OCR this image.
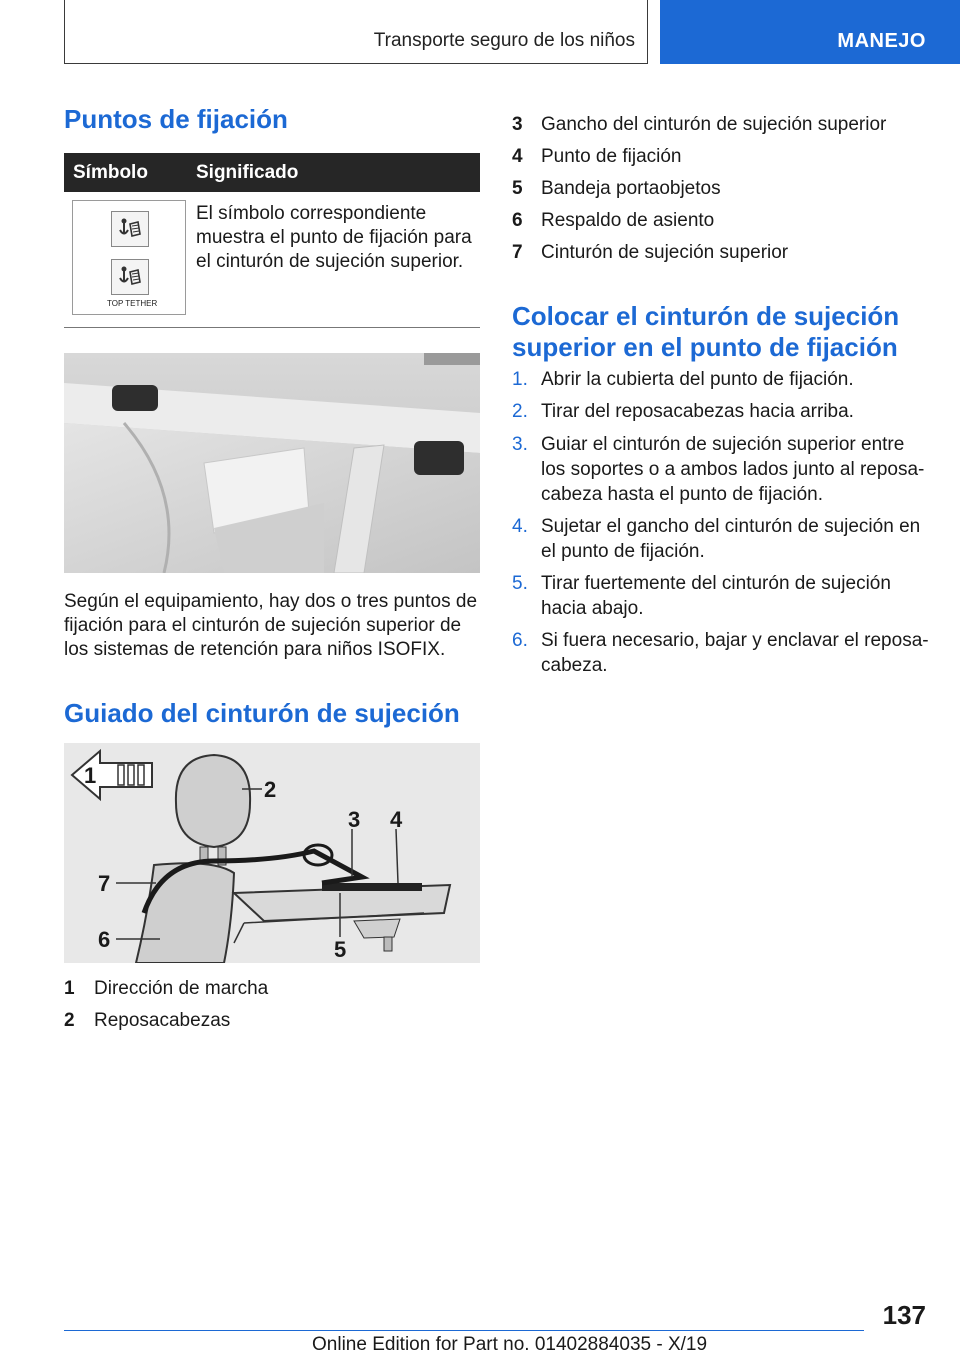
Transporte seguro de los niños	MANEJO
Puntos de fijación
Símbolo	Significado
TOP TETHER
El símbolo correspondiente muestra el punto de fijación para el cinturón de sujeción superior.
Según el equipamiento, hay dos o tres puntos de fijación para el cinturón de sujeción superior de los sistemas de retención para niños ISOFIX.
Guiado del cinturón de sujeción
1
2
3 4
5
6
7
1 Dirección de marcha
2 Reposacabezas
3 Gancho del cinturón de sujeción superior
4 Punto de fijación
5 Bandeja portaobjetos
6 Respaldo de asiento
7 Cinturón de sujeción superior
Colocar el cinturón de sujeción
superior en el punto de fijación
1. Abrir la cubierta del punto de fijación.
2. Tirar del reposacabezas hacia arriba.
3. Guiar el cinturón de sujeción superior entre
los soportes o a ambos lados junto al reposa‐
cabeza hasta el punto de fijación.
4. Sujetar el gancho del cinturón de sujeción en
el punto de fijación.
5. Tirar fuertemente del cinturón de sujeción
hacia abajo.
6. Si fuera necesario, bajar y enclavar el reposa‐
cabeza.
137
Online Edition for Part no. 01402884035 - X/19
